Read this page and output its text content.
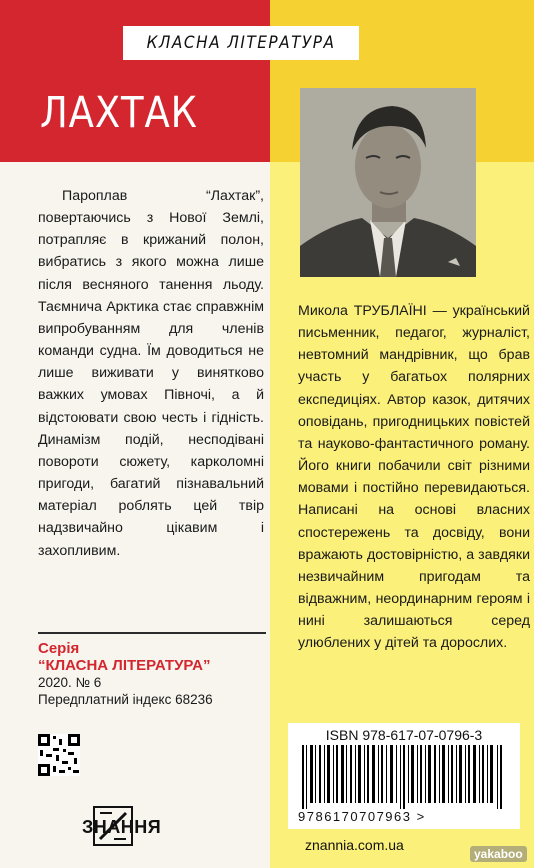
КЛАСНА ЛІТЕРАТУРА
ЛАХТАК

Пароплав “Лахтак”, повертаючись з Нової Землі, потрапляє в крижаний полон, вибратись з якого можна лише після весняного танення льоду. Таємнича Арктика стає справжнім випробуванням для членів команди судна. Їм доводиться не лише виживати у винятково важких умовах Півночі, а й відстоювати свою честь і гідність. Динамізм подій, несподівані повороти сюжету, карколомні пригоди, багатий пізнавальний матеріал роблять цей твір надзвичайно цікавим і захопливим.

Серія
“КЛАСНА ЛІТЕРАТУРА”
2020. № 6
Передплатний індекс 68236
ЗНАННЯ

Микола ТРУБЛАЇНІ — український письменник, педагог, журналіст, невтомний мандрівник, що брав участь у багатьох полярних експедиціях. Автор казок, дитячих оповідань, пригодницьких повістей та науково-фантастичного роману. Його книги побачили світ різними мовами і постійно перевидаються. Написані на основі власних спостережень та досвіду, вони вражають достовірністю, а завдяки незвичайним пригодам та відважним, неординарним героям і нині залишаються серед улюблених у дітей та дорослих.

ISBN 978-617-07-0796-3
9786170707963 >
znannia.com.ua
yakaboo
